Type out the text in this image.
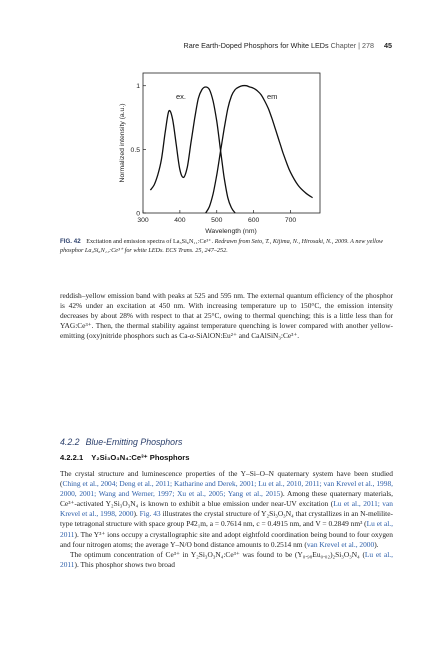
Rare Earth-Doped Phosphors for White LEDs Chapter | 278 45
300	400	500	600	700
0
0.5
1
ex.	em
Wavelength (nm)
Normalized intensity (a.u.)
FIG. 42 Excitation and emission spectra of La₃Si₆N₁₁:Ce³⁺. Redrawn from Seto, T., Kijima, N., Hirosaki, N., 2009. A new yellow phosphor La₃Si₆N₁₁:Ce³⁺ for white LEDs. ECS Trans. 25, 247–252.

reddish–yellow emission band with peaks at 525 and 595 nm. The external quantum efficiency of the phosphor is 42% under an excitation at 450 nm. With increasing temperature up to 150°C, the emission intensity decreases by about 28% with respect to that at 25°C, owing to thermal quenching; this is a little less than for YAG:Ce³⁺. Then, the thermal stability against temperature quenching is lower compared with another yellow-emitting (oxy)nitride phosphors such as Ca-α-SiAlON:Eu²⁺ and CaAlSiN₃:Ce³⁺.

4.2.2 Blue-Emitting Phosphors
4.2.2.1 Y₂Si₃O₃N₄:Ce³⁺ Phosphors

The crystal structure and luminescence properties of the Y–Si–O–N quaternary system have been studied (Ching et al., 2004; Deng et al., 2011; Katharine and Derek, 2001; Lu et al., 2010, 2011; van Krevel et al., 1998, 2000, 2001; Wang and Werner, 1997; Xu et al., 2005; Yang et al., 2015). Among these quaternary materials, Ce³⁺-activated Y₂Si₃O₃N₄ is known to exhibit a blue emission under near-UV excitation (Lu et al., 2011; van Krevel et al., 1998, 2000). Fig. 43 illustrates the crystal structure of Y₂Si₃O₃N₄ that crystallizes in an N-melilite-type tetragonal structure with space group P4̄2₁m, a = 0.7614 nm, c = 0.4915 nm, and V = 0.2849 nm³ (Lu et al., 2011). The Y³⁺ ions occupy a crystallographic site and adopt eightfold coordination being bound to four oxygen and four nitrogen atoms; the average Y–N/O bond distance amounts to 0.2514 nm (van Krevel et al., 2000).

The optimum concentration of Ce³⁺ in Y₂Si₃O₃N₄:Ce³⁺ was found to be (Y₀.₉₈Eu₀.₀₂)₂Si₃O₃N₄ (Lu et al., 2011). This phosphor shows two broad
